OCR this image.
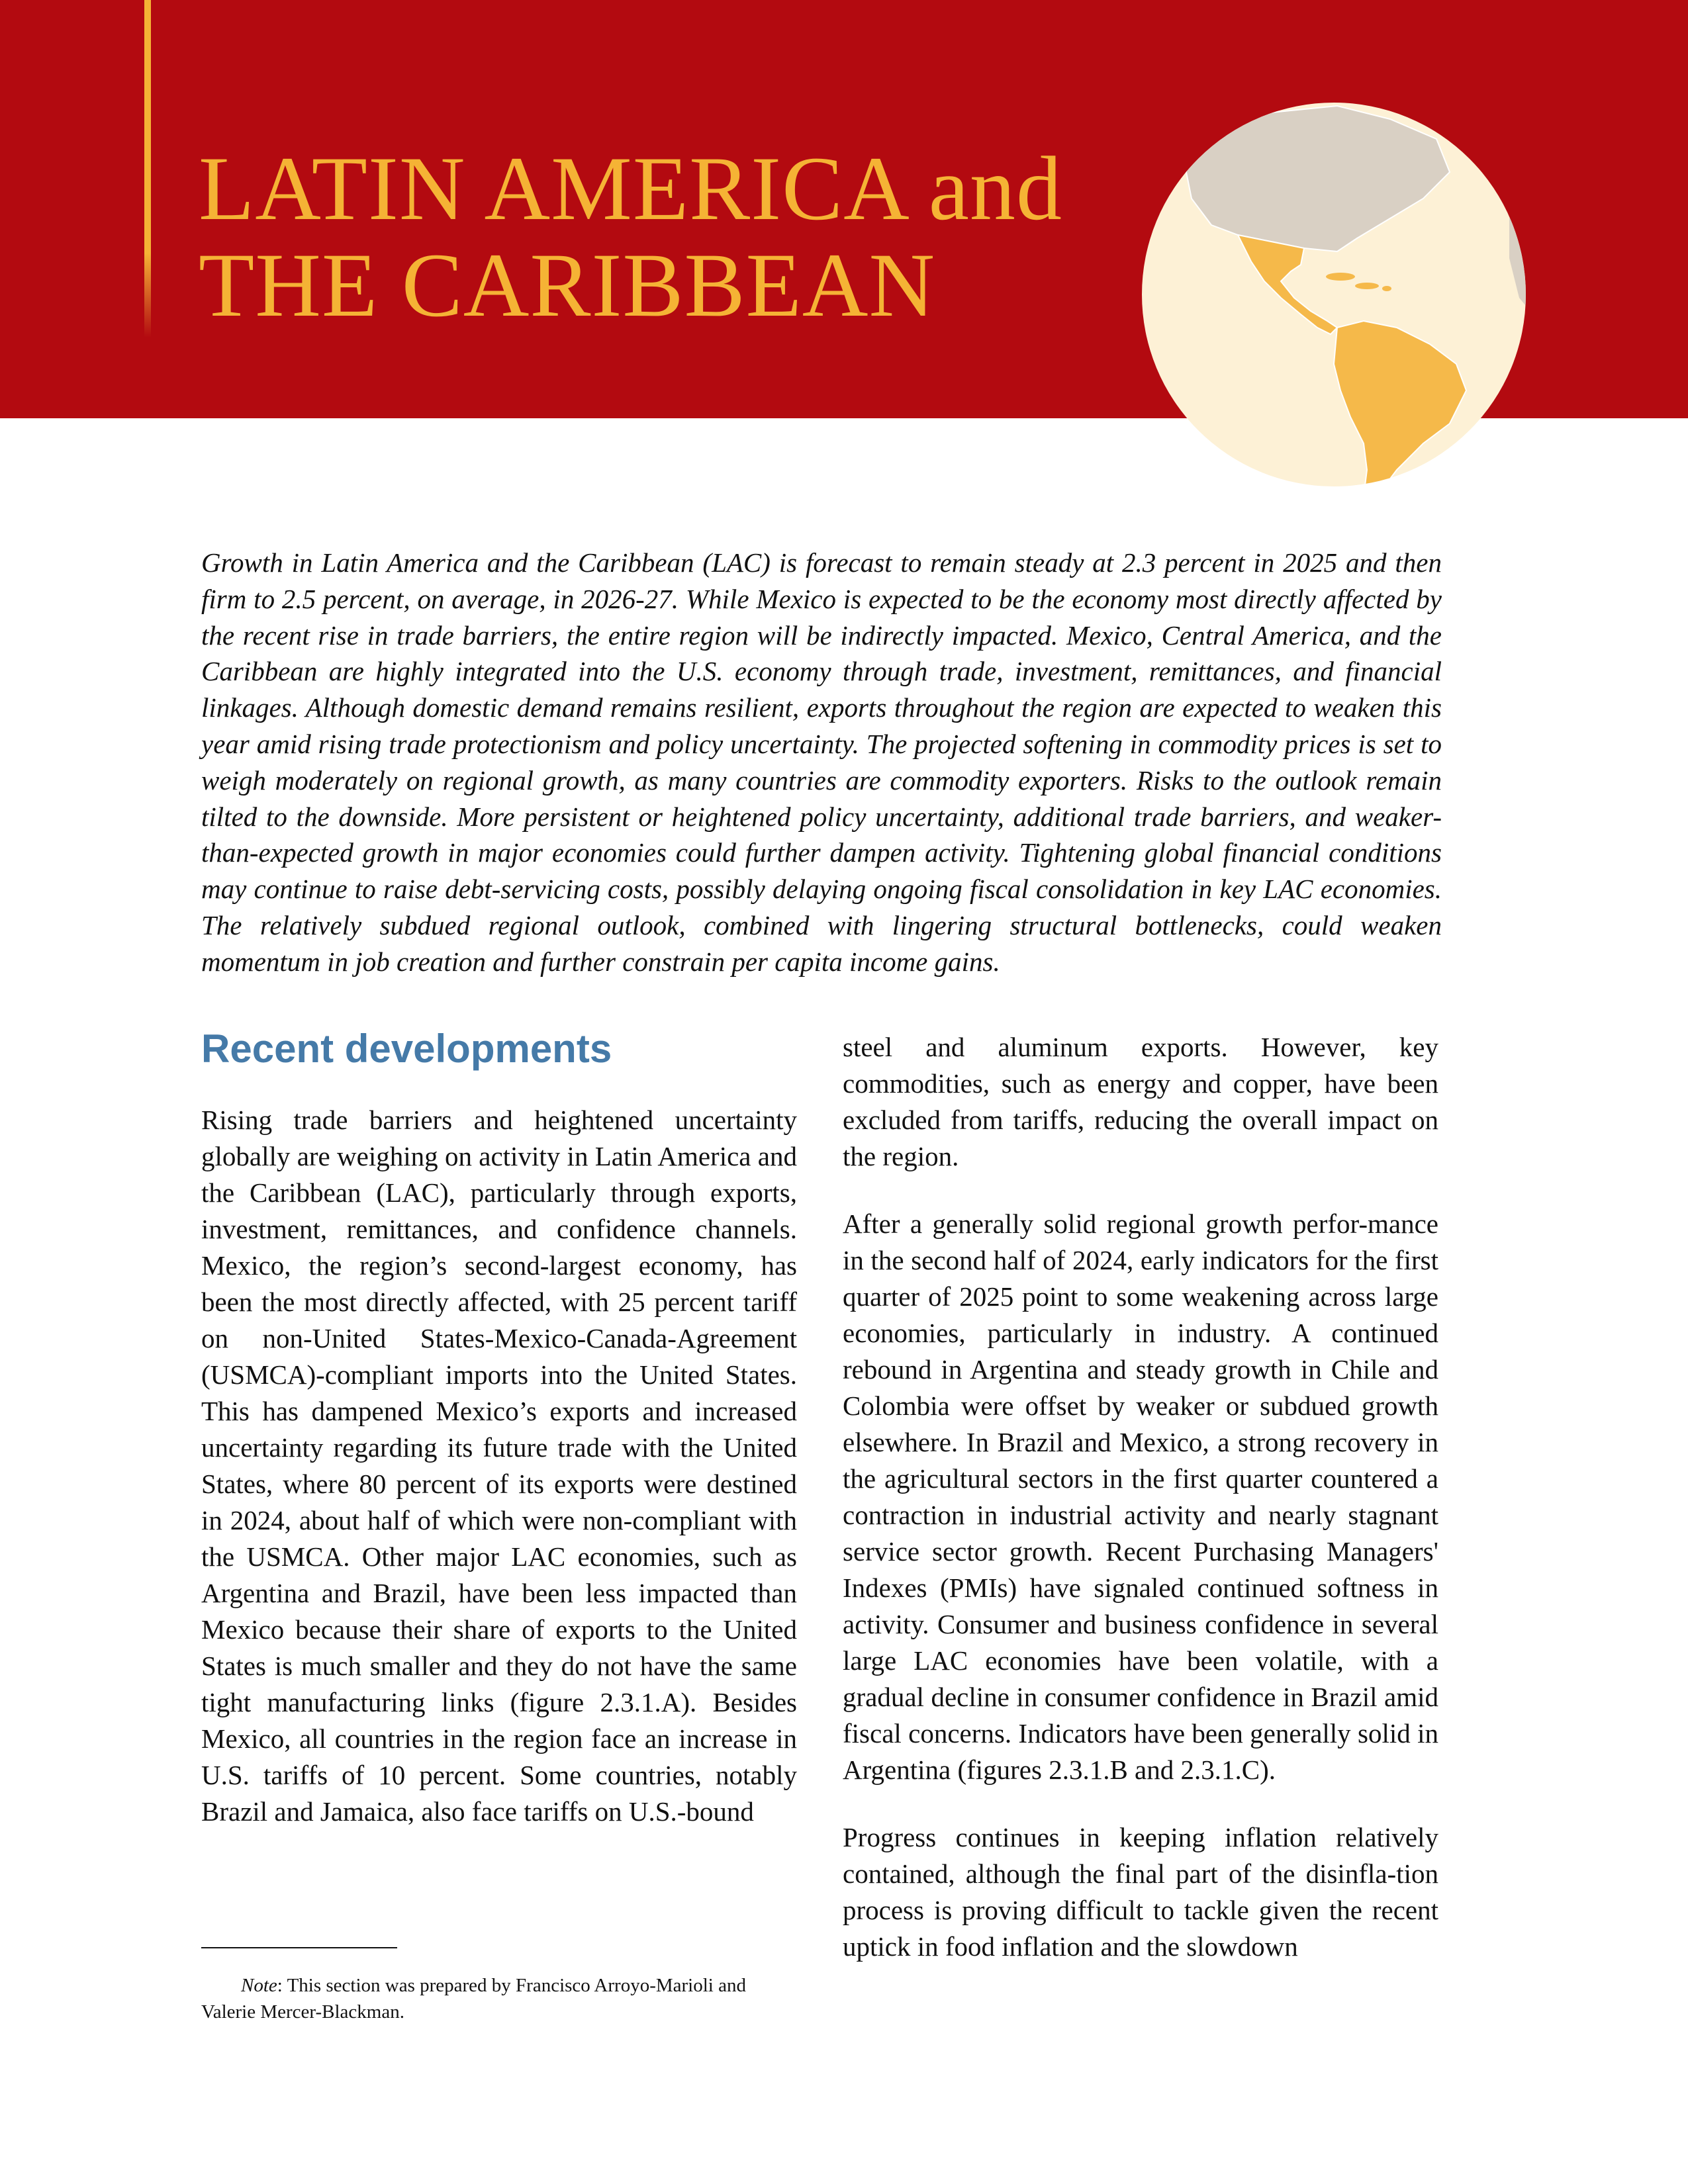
LATIN AMERICA and
THE CARIBBEAN

Growth in Latin America and the Caribbean (LAC) is forecast to remain steady at 2.3 percent in 2025 and then firm to 2.5 percent, on average, in 2026-27. While Mexico is expected to be the economy most directly affected by the recent rise in trade barriers, the entire region will be indirectly impacted. Mexico, Central America, and the Caribbean are highly integrated into the U.S. economy through trade, investment, remittances, and financial linkages. Although domestic demand remains resilient, exports throughout the region are expected to weaken this year amid rising trade protectionism and policy uncertainty. The projected softening in commodity prices is set to weigh moderately on regional growth, as many countries are commodity exporters. Risks to the outlook remain tilted to the downside. More persistent or heightened policy uncertainty, additional trade barriers, and weaker-than-expected growth in major economies could further dampen activity. Tightening global financial conditions may continue to raise debt-servicing costs, possibly delaying ongoing fiscal consolidation in key LAC economies. The relatively subdued regional outlook, combined with lingering structural bottlenecks, could weaken momentum in job creation and further constrain per capita income gains.

Recent developments

Rising trade barriers and heightened uncertainty globally are weighing on activity in Latin America and the Caribbean (LAC), particularly through exports, investment, remittances, and confidence channels. Mexico, the region’s second-largest economy, has been the most directly affected, with 25 percent tariff on non-United States-Mexico-Canada-Agreement (USMCA)-compliant imports into the United States. This has dampened Mexico’s exports and increased uncertainty regarding its future trade with the United States, where 80 percent of its exports were destined in 2024, about half of which were non-compliant with the USMCA. Other major LAC economies, such as Argentina and Brazil, have been less impacted than Mexico because their share of exports to the United States is much smaller and they do not have the same tight manufacturing links (figure 2.3.1.A). Besides Mexico, all countries in the region face an increase in U.S. tariffs of 10 percent. Some countries, notably Brazil and Jamaica, also face tariffs on U.S.-bound

steel and aluminum exports. However, key commodities, such as energy and copper, have been excluded from tariffs, reducing the overall impact on the region.

After a generally solid regional growth perfor-mance in the second half of 2024, early indicators for the first quarter of 2025 point to some weakening across large economies, particularly in industry. A continued rebound in Argentina and steady growth in Chile and Colombia were offset by weaker or subdued growth elsewhere. In Brazil and Mexico, a strong recovery in the agricultural sectors in the first quarter countered a contraction in industrial activity and nearly stagnant service sector growth. Recent Purchasing Managers' Indexes (PMIs) have signaled continued softness in activity. Consumer and business confidence in several large LAC economies have been volatile, with a gradual decline in consumer confidence in Brazil amid fiscal concerns. Indicators have been generally solid in Argentina (figures 2.3.1.B and 2.3.1.C).

Progress continues in keeping inflation relatively contained, although the final part of the disinfla-tion process is proving difficult to tackle given the recent uptick in food inflation and the slowdown

Note: This section was prepared by Francisco Arroyo-Marioli and Valerie Mercer-Blackman.
